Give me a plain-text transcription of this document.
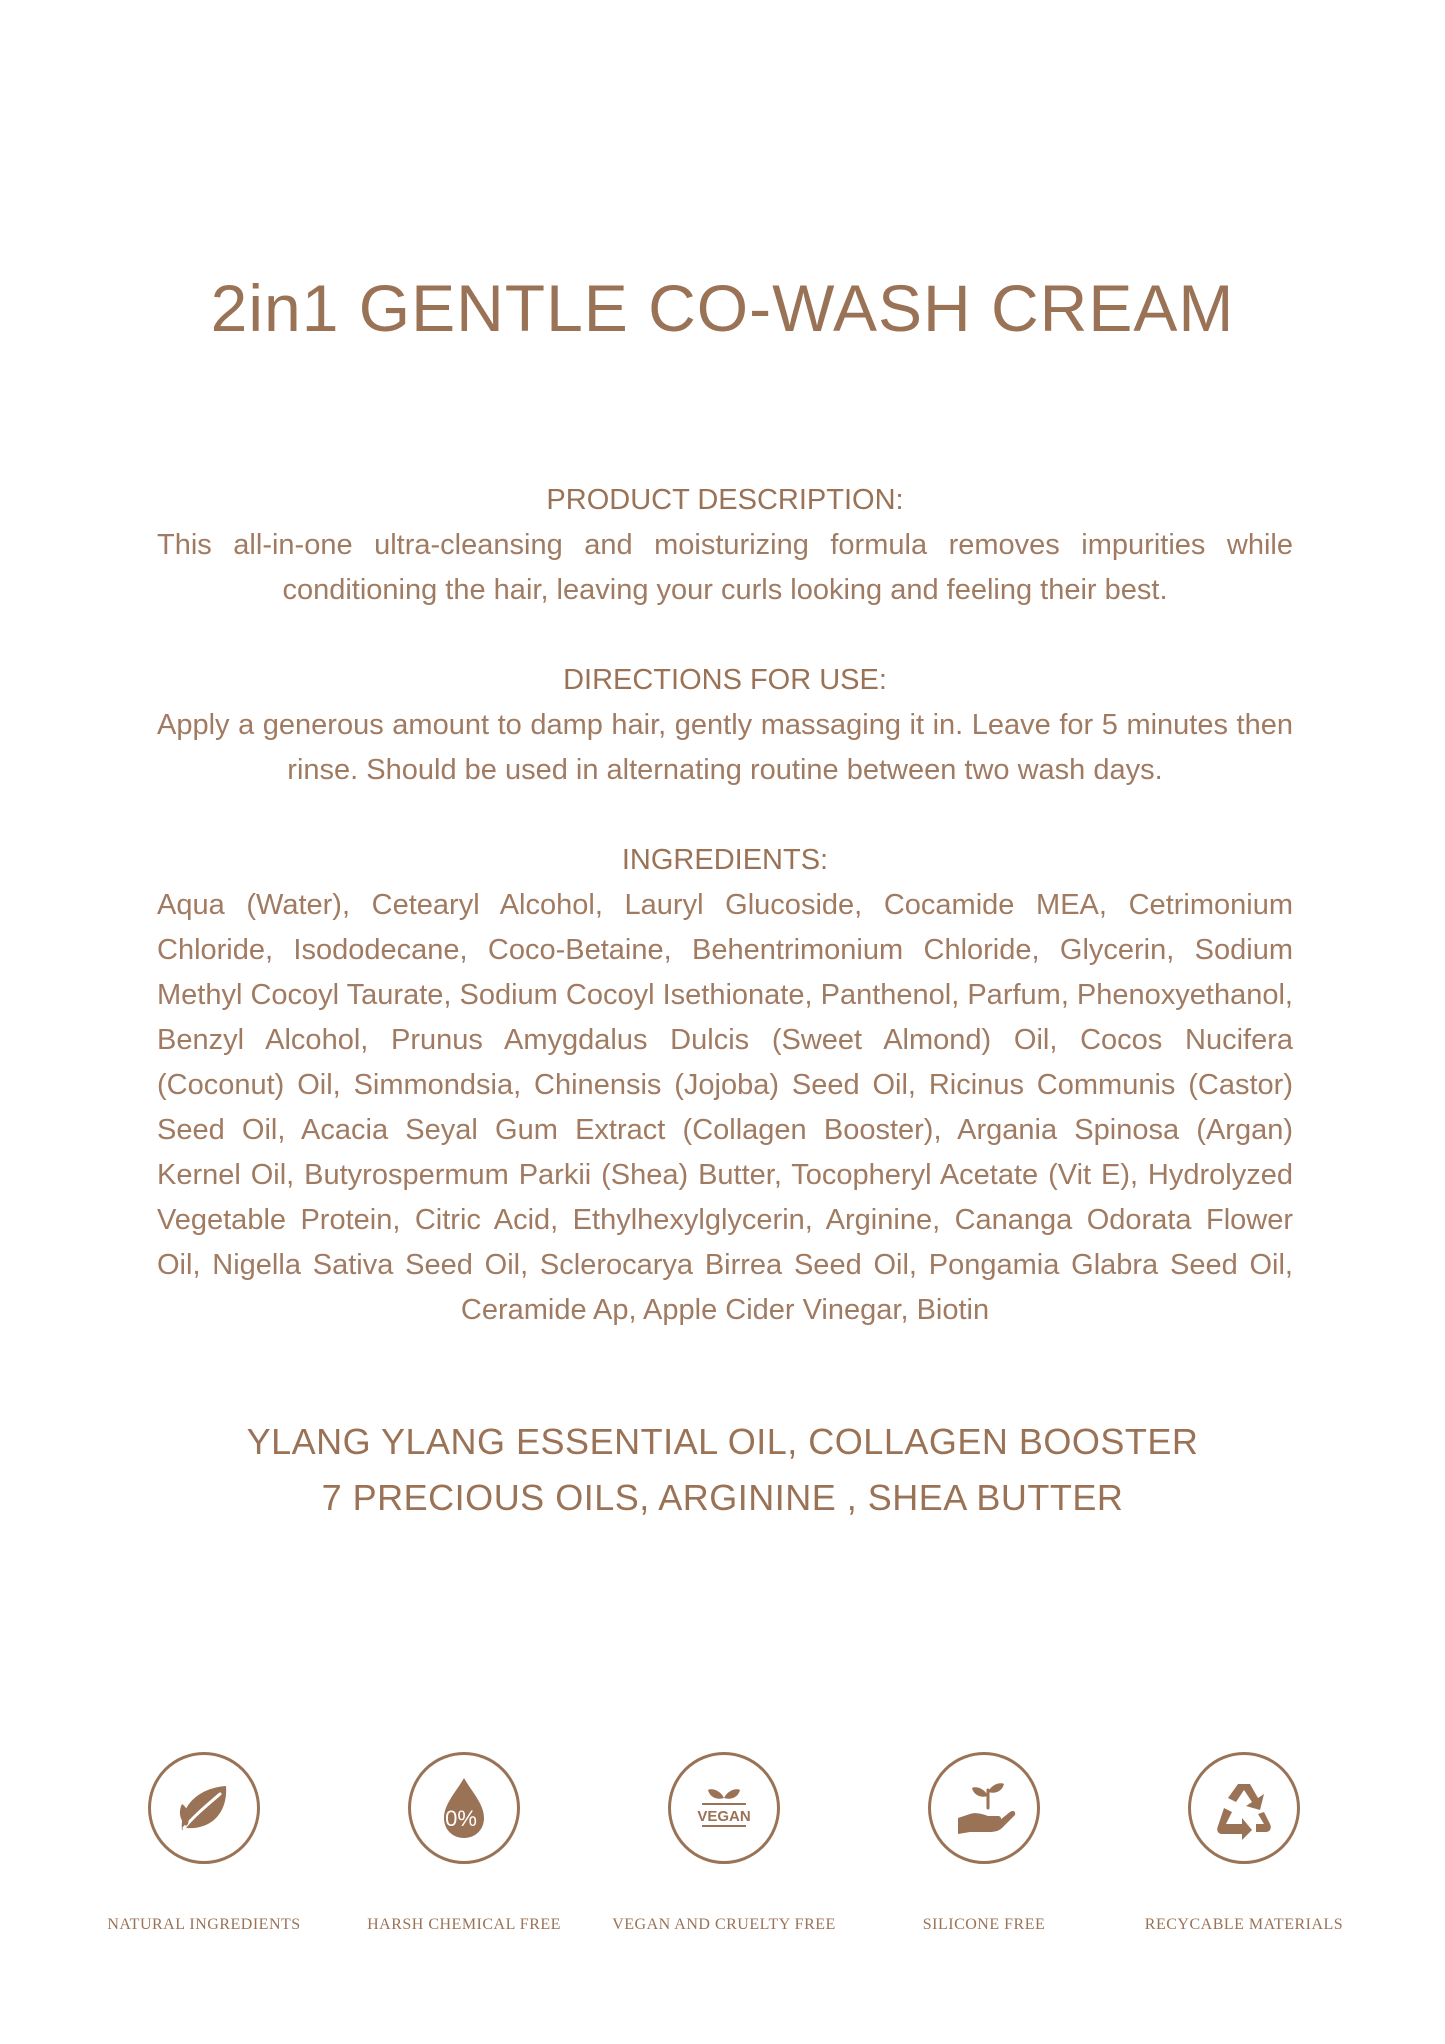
2in1 GENTLE CO-WASH CREAM

PRODUCT DESCRIPTION:

This all-in-one ultra-cleansing and moisturizing formula removes impurities while conditioning the hair, leaving your curls looking and feeling their best.

DIRECTIONS FOR USE:

Apply a generous amount to damp hair, gently massaging it in. Leave for 5 minutes then rinse. Should be used in alternating routine between two wash days.

INGREDIENTS:

Aqua (Water), Cetearyl Alcohol, Lauryl Glucoside, Cocamide MEA, Cetrimonium Chloride, Isododecane, Coco-Betaine, Behentrimonium Chloride, Glycerin, Sodium Methyl Cocoyl Taurate, Sodium Cocoyl Isethionate, Panthenol, Parfum, Phenoxyethanol, Benzyl Alcohol, Prunus Amygdalus Dulcis (Sweet Almond) Oil, Cocos Nucifera (Coconut) Oil, Simmondsia, Chinensis (Jojoba) Seed Oil, Ricinus Communis (Castor) Seed Oil, Acacia Seyal Gum Extract (Collagen Booster), Argania Spinosa (Argan) Kernel Oil, Butyrospermum Parkii (Shea) Butter, Tocopheryl Acetate (Vit E), Hydrolyzed Vegetable Protein, Citric Acid, Ethylhexylglycerin, Arginine, Cananga Odorata Flower Oil, Nigella Sativa Seed Oil, Sclerocarya Birrea Seed Oil, Pongamia Glabra Seed Oil, Ceramide Ap, Apple Cider Vinegar, Biotin

YLANG YLANG ESSENTIAL OIL, COLLAGEN BOOSTER
7 PRECIOUS OILS, ARGININE , SHEA BUTTER
NATURAL INGREDIENTS
0%
HARSH CHEMICAL FREE
VEGAN
VEGAN AND CRUELTY FREE	SILICONE FREE	RECYCABLE MATERIALS
